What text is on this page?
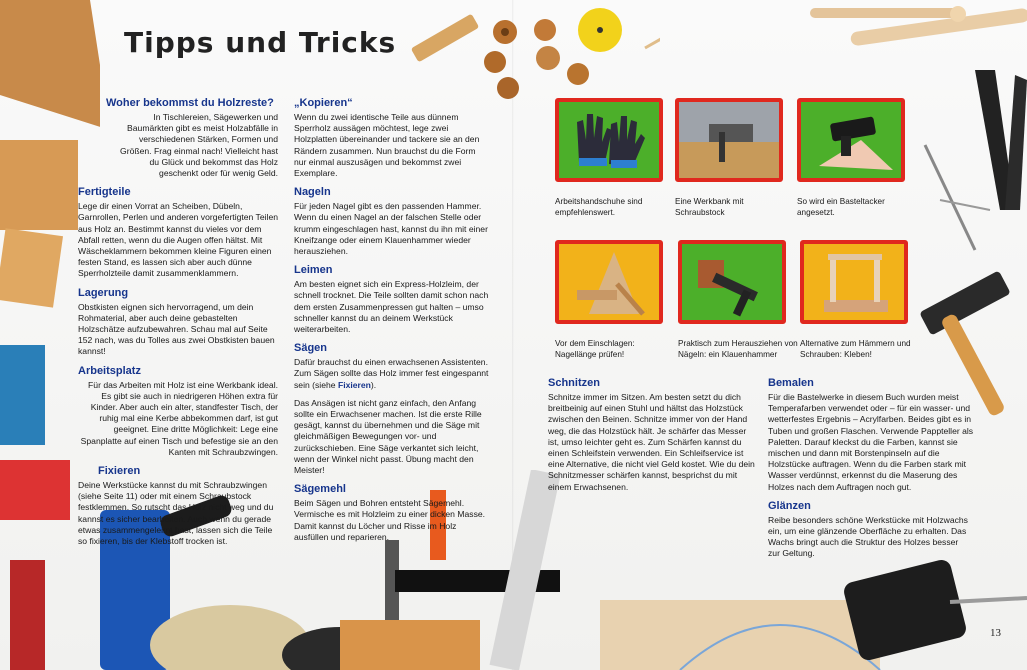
Tipps und Tricks
Woher bekommst du Holzreste?

In Tischlereien, Sägewerken und Baumärkten gibt es meist Holzabfälle in verschiedenen Stärken, Formen und Größen. Frag einmal nach! Vielleicht hast du Glück und bekommst das Holz geschenkt oder für wenig Geld.

Fertigteile

Lege dir einen Vorrat an Scheiben, Dübeln, Garnrollen, Perlen und anderen vorgefertigten Teilen aus Holz an. Bestimmt kannst du vieles vor dem Abfall retten, wenn du die Augen offen hältst. Mit Wäscheklammern bekommen kleine Figuren einen festen Stand, es lassen sich aber auch dünne Sperrholzteile damit zusammenklammern.

Lagerung

Obstkisten eignen sich hervorragend, um dein Rohmaterial, aber auch deine gebastelten Holzschätze aufzubewahren. Schau mal auf Seite 152 nach, was du Tolles aus zwei Obstkisten bauen kannst!

Arbeitsplatz

Für das Arbeiten mit Holz ist eine Werkbank ideal. Es gibt sie auch in niedrigeren Höhen extra für Kinder. Aber auch ein alter, standfester Tisch, der ruhig mal eine Kerbe abbekommen darf, ist gut geeignet. Eine dritte Möglichkeit: Lege eine Spanplatte auf einen Tisch und befestige sie an den Kanten mit Schraubzwingen.

Fixieren

Deine Werkstücke kannst du mit Schraubzwingen (siehe Seite 11) oder mit einem Schraubstock festklemmen. So rutscht das Holz nicht weg und du kannst es sicher bearbeiten. Auch wenn du gerade etwas zusammengeleimt hast, lassen sich die Teile so fixieren, bis der Klebstoff trocken ist.

„Kopieren“

Wenn du zwei identische Teile aus dünnem Sperrholz aussägen möchtest, lege zwei Holzplatten übereinander und tackere sie an den Rändern zusammen. Nun brauchst du die Form nur einmal auszusägen und bekommst zwei Exemplare.

Nageln

Für jeden Nagel gibt es den passenden Hammer. Wenn du einen Nagel an der falschen Stelle oder krumm eingeschlagen hast, kannst du ihn mit einer Kneifzange oder einem Klauenhammer wieder herausziehen.

Leimen

Am besten eignet sich ein Express-Holzleim, der schnell trocknet. Die Teile sollten damit schon nach dem ersten Zusammenpressen gut halten – umso schneller kannst du an deinem Werkstück weiterarbeiten.

Sägen

Dafür brauchst du einen erwachsenen Assistenten. Zum Sägen sollte das Holz immer fest eingespannt sein (siehe Fixieren).

Das Ansägen ist nicht ganz einfach, den Anfang sollte ein Erwachsener machen. Ist die erste Rille gesägt, kannst du übernehmen und die Säge mit gleichmäßigen Bewegungen vor- und zurückschieben. Eine Säge verkantet sich leicht, wenn der Winkel nicht passt. Übung macht den Meister!

Sägemehl

Beim Sägen und Bohren entsteht Sägemehl. Vermische es mit Holzleim zu einer dicken Masse. Damit kannst du Löcher und Risse im Holz ausfüllen und reparieren.

Arbeitshandschuhe sind empfehlenswert.
Eine Werkbank mit Schraubstock
So wird ein Basteltacker angesetzt.
Vor dem Einschlagen: Nagellänge prüfen!
Praktisch zum Herausziehen von Nägeln: ein Klauenhammer
Alternative zum Hämmern und Schrauben: Kleben!
Schnitzen

Schnitze immer im Sitzen. Am besten setzt du dich breitbeinig auf einen Stuhl und hältst das Holzstück zwischen den Beinen. Schnitze immer von der Hand weg, die das Holzstück hält. Je schärfer das Messer ist, umso leichter geht es. Zum Schärfen kannst du einen Schleifstein verwenden. Ein Schleifservice ist eine Alternative, die nicht viel Geld kostet. Wie du dein Schnitzmesser schärfen kannst, besprichst du mit einem Erwachsenen.

Bemalen

Für die Bastelwerke in diesem Buch wurden meist Temperafarben verwendet oder – für ein wasser- und wetterfestes Ergebnis – Acrylfarben. Beides gibt es in Tuben und großen Flaschen. Verwende Pappteller als Paletten. Darauf kleckst du die Farben, kannst sie mischen und dann mit Borstenpinseln auf die Holzstücke auftragen. Wenn du die Farben stark mit Wasser verdünnst, erkennst du die Maserung des Holzes nach dem Auftragen noch gut.

Glänzen

Reibe besonders schöne Werkstücke mit Holzwachs ein, um eine glänzende Oberfläche zu erhalten. Das Wachs bringt auch die Struktur des Holzes besser zur Geltung.

13
